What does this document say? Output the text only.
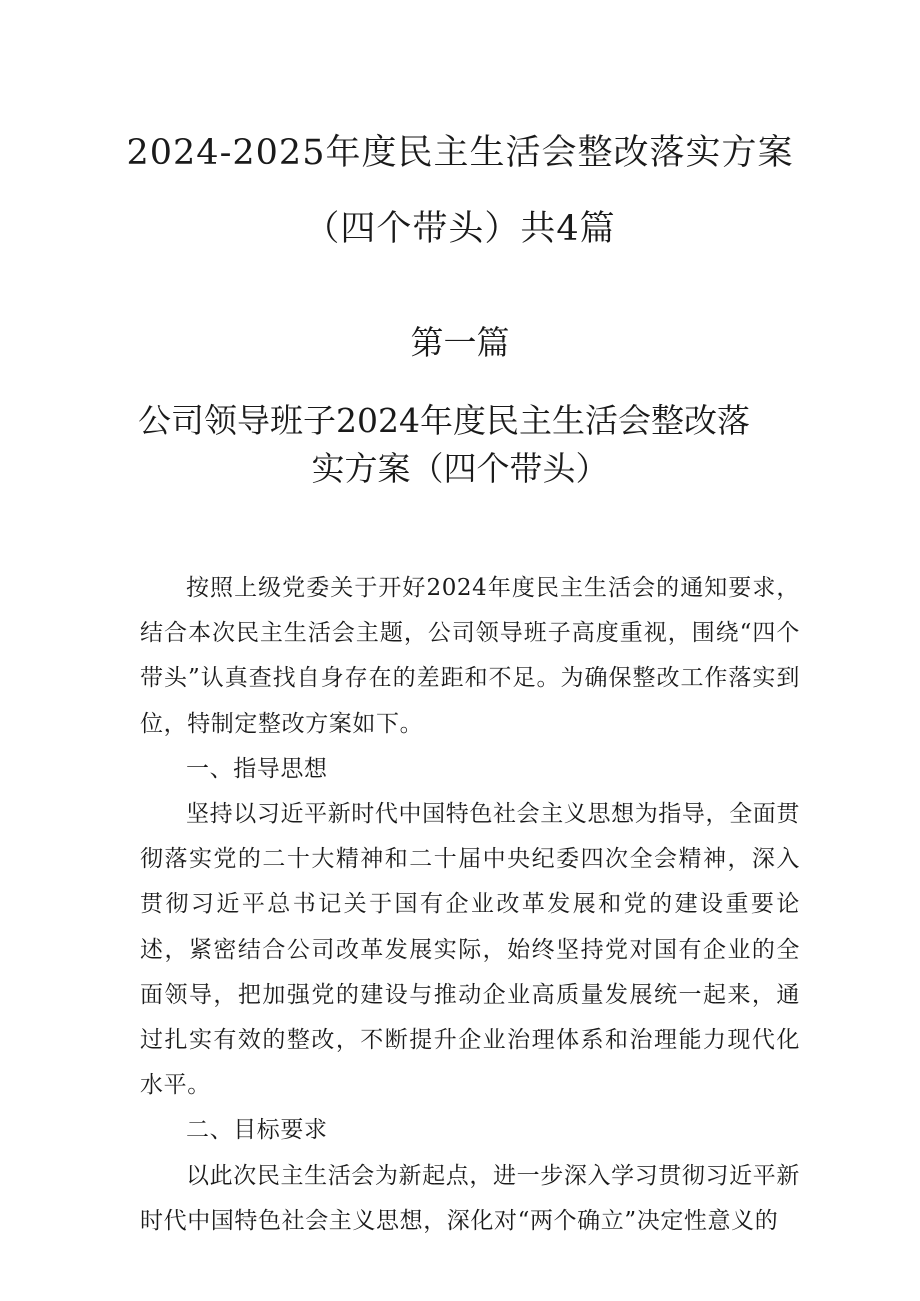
2024-2025年度民主生活会整改落实方案
（四个带头）共4篇
第一篇
公司领导班子2024年度民主生活会整改落
实方案（四个带头）

按照上级党委关于开好2024年度民主生活会的通知要求，结合本次民主生活会主题，公司领导班子高度重视，围绕“四个带头”认真查找自身存在的差距和不足。为确保整改工作落实到位，特制定整改方案如下。

一、指导思想

坚持以习近平新时代中国特色社会主义思想为指导，全面贯彻落实党的二十大精神和二十届中央纪委四次全会精神，深入贯彻习近平总书记关于国有企业改革发展和党的建设重要论述，紧密结合公司改革发展实际，始终坚持党对国有企业的全面领导，把加强党的建设与推动企业高质量发展统一起来，通过扎实有效的整改，不断提升企业治理体系和治理能力现代化水平。

二、目标要求

以此次民主生活会为新起点，进一步深入学习贯彻习近平新时代中国特色社会主义思想，深化对“两个确立”决定性意义的
